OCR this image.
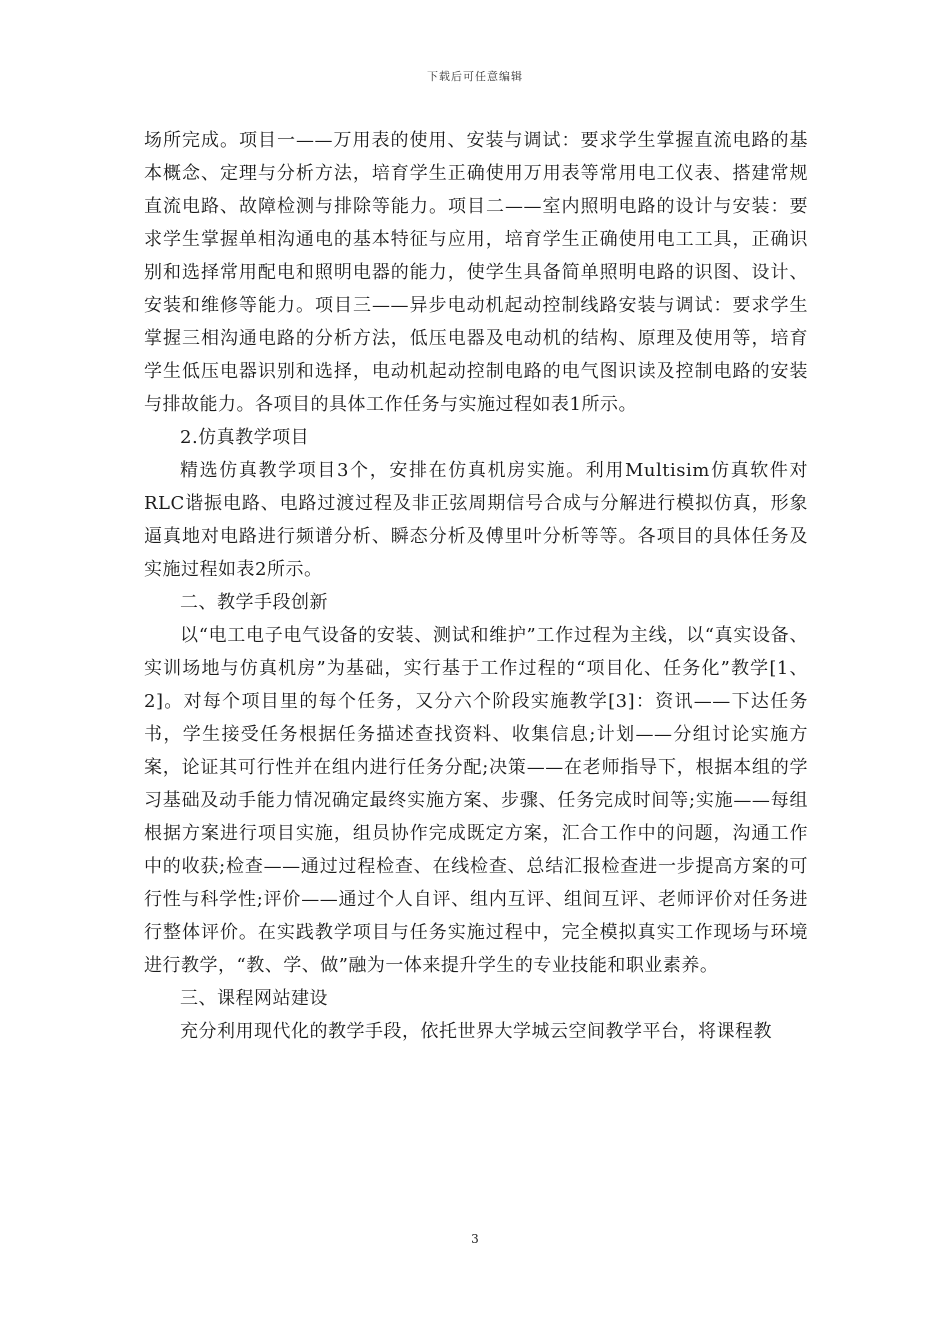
下载后可任意编辑

场所完成。项目一——万用表的使用、安装与调试：要求学生掌握直流电路的基本概念、定理与分析方法，培育学生正确使用万用表等常用电工仪表、搭建常规直流电路、故障检测与排除等能力。项目二——室内照明电路的设计与安装：要求学生掌握单相沟通电的基本特征与应用，培育学生正确使用电工工具，正确识别和选择常用配电和照明电器的能力，使学生具备简单照明电路的识图、设计、安装和维修等能力。项目三——异步电动机起动控制线路安装与调试：要求学生掌握三相沟通电路的分析方法，低压电器及电动机的结构、原理及使用等，培育学生低压电器识别和选择，电动机起动控制电路的电气图识读及控制电路的安装与排故能力。各项目的具体工作任务与实施过程如表1所示。

2.仿真教学项目

精选仿真教学项目3个，安排在仿真机房实施。利用Multisim仿真软件对RLC谐振电路、电路过渡过程及非正弦周期信号合成与分解进行模拟仿真，形象逼真地对电路进行频谱分析、瞬态分析及傅里叶分析等等。各项目的具体任务及实施过程如表2所示。

二、教学手段创新

以“电工电子电气设备的安装、测试和维护”工作过程为主线，以“真实设备、实训场地与仿真机房”为基础，实行基于工作过程的“项目化、任务化”教学[1、2]。对每个项目里的每个任务，又分六个阶段实施教学[3]：资讯——下达任务书，学生接受任务根据任务描述查找资料、收集信息;计划——分组讨论实施方案，论证其可行性并在组内进行任务分配;决策——在老师指导下，根据本组的学习基础及动手能力情况确定最终实施方案、步骤、任务完成时间等;实施——每组根据方案进行项目实施，组员协作完成既定方案，汇合工作中的问题，沟通工作中的收获;检查——通过过程检查、在线检查、总结汇报检查进一步提高方案的可行性与科学性;评价——通过个人自评、组内互评、组间互评、老师评价对任务进行整体评价。在实践教学项目与任务实施过程中，完全模拟真实工作现场与环境进行教学，“教、学、做”融为一体来提升学生的专业技能和职业素养。

三、课程网站建设

充分利用现代化的教学手段，依托世界大学城云空间教学平台，将课程教

3
